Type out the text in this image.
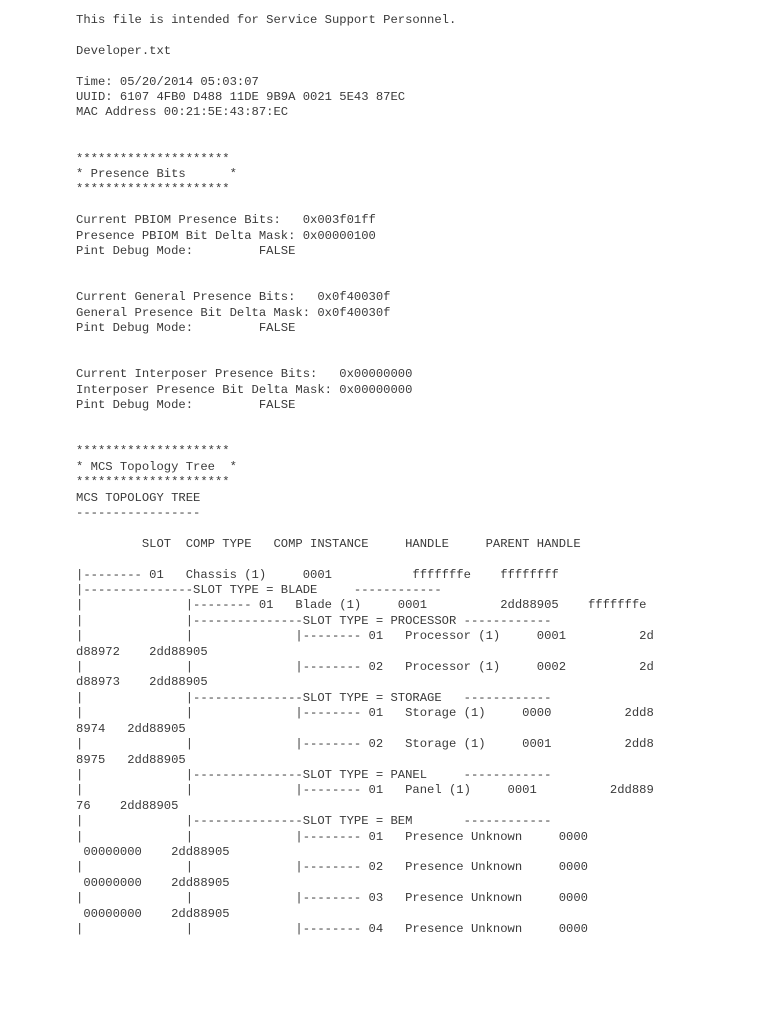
This file is intended for Service Support Personnel.

Developer.txt

Time: 05/20/2014 05:03:07
UUID: 6107 4FB0 D488 11DE 9B9A 0021 5E43 87EC
MAC Address 00:21:5E:43:87:EC

*********************
* Presence Bits      *
*********************

Current PBIOM Presence Bits:   0x003f01ff
Presence PBIOM Bit Delta Mask: 0x00000100
Pint Debug Mode:         FALSE

Current General Presence Bits:   0x0f40030f
General Presence Bit Delta Mask: 0x0f40030f
Pint Debug Mode:         FALSE

Current Interposer Presence Bits:   0x00000000
Interposer Presence Bit Delta Mask: 0x00000000
Pint Debug Mode:         FALSE

*********************
* MCS Topology Tree  *
*********************
MCS TOPOLOGY TREE
-----------------

SLOT  COMP TYPE   COMP INSTANCE     HANDLE     PARENT HANDLE

|-------- 01   Chassis (1)     0001           fffffffe    ffffffff
|---------------SLOT TYPE = BLADE     ------------
|              |-------- 01   Blade (1)     0001          2dd88905    fffffffe
|              |---------------SLOT TYPE = PROCESSOR ------------
|              |              |-------- 01   Processor (1)     0001          2d
d88972    2dd88905
|              |              |-------- 02   Processor (1)     0002          2d
d88973    2dd88905
|              |---------------SLOT TYPE = STORAGE   ------------
|              |              |-------- 01   Storage (1)     0000          2dd8
8974   2dd88905
|              |              |-------- 02   Storage (1)     0001          2dd8
8975   2dd88905
|              |---------------SLOT TYPE = PANEL     ------------
|              |              |-------- 01   Panel (1)     0001          2dd889
76    2dd88905
|              |---------------SLOT TYPE = BEM       ------------
|              |              |-------- 01   Presence Unknown     0000
00000000    2dd88905
|              |              |-------- 02   Presence Unknown     0000
00000000    2dd88905
|              |              |-------- 03   Presence Unknown     0000
00000000    2dd88905
|              |              |-------- 04   Presence Unknown     0000
